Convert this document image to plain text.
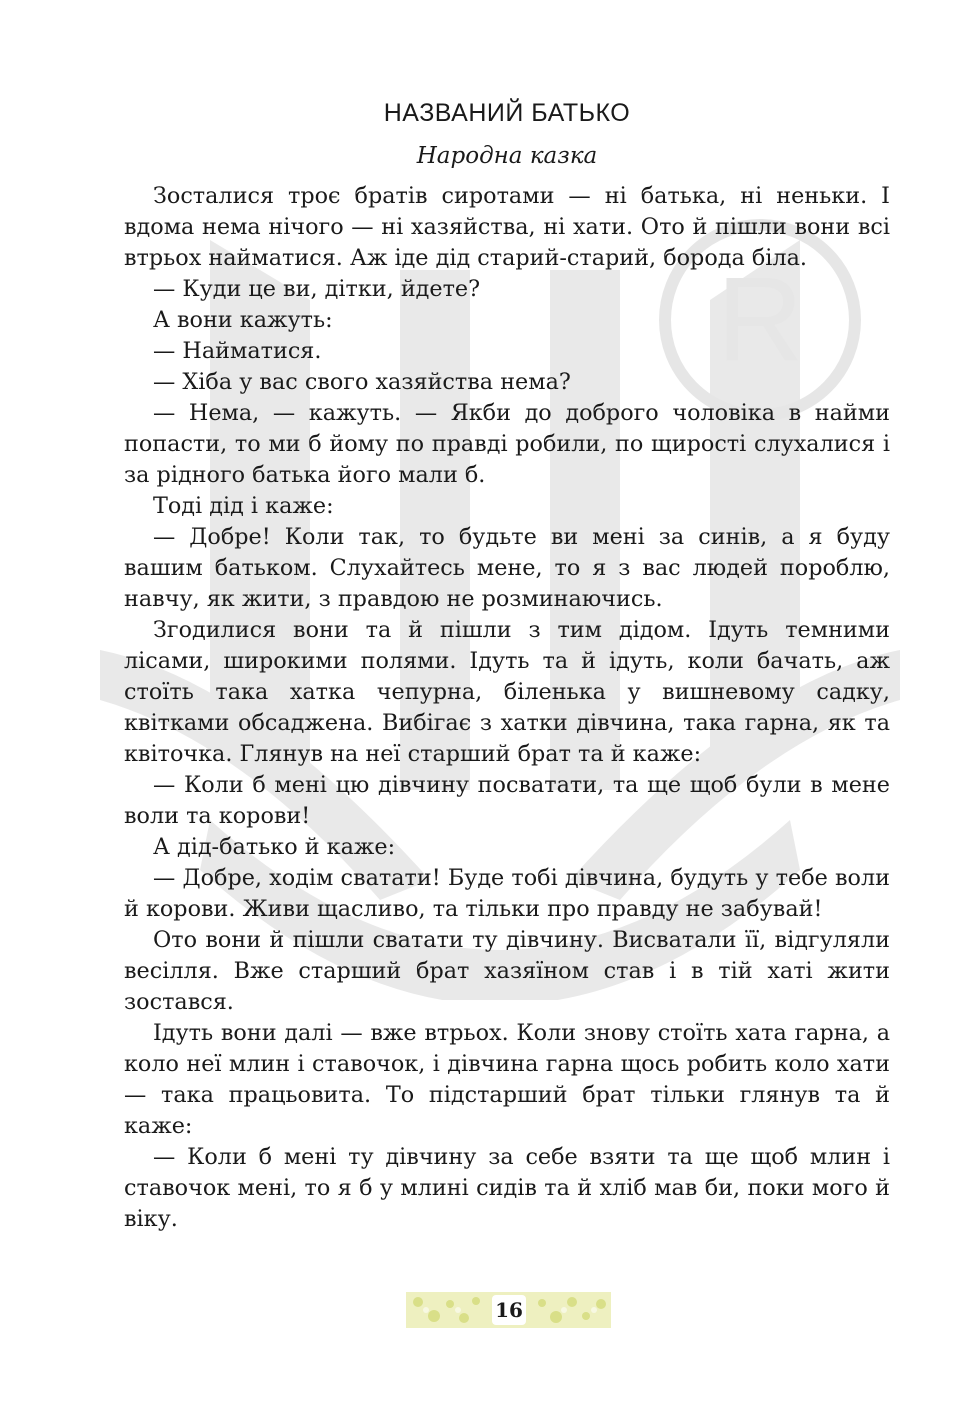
R
НАЗВАНИЙ БАТЬКО
Народна казка

Зосталися троє братів сиротами — ні батька, ні неньки. І вдома нема нічого — ні хазяйства, ні хати. Ото й пішли вони всі втрьох найматися. Аж іде дід старий-старий, борода біла.

— Куди це ви, дітки, йдете?

А вони кажуть:

— Найматися.

— Хіба у вас свого хазяйства нема?

— Нема, — кажуть. — Якби до доброго чоловіка в найми попасти, то ми б йому по правді робили, по щирості слухалися і за рідного батька його мали б.

Тоді дід і каже:

— Добре! Коли так, то будьте ви мені за синів, а я буду вашим батьком. Слухайтесь мене, то я з вас людей пороблю, навчу, як жити, з правдою не розминаючись.

Згодилися вони та й пішли з тим дідом. Ідуть темними лісами, широкими полями. Ідуть та й ідуть, коли бачать, аж стоїть така хатка чепурна, біленька у вишневому садку, квітками обсаджена. Вибігає з хатки дівчина, така гарна, як та квіточка. Глянув на неї старший брат та й каже:

— Коли б мені цю дівчину посватати, та ще щоб були в мене воли та корови!

А дід-батько й каже:

— Добре, ходім сватати! Буде тобі дівчина, будуть у тебе воли й корови. Живи щасливо, та тільки про правду не забувай!

Ото вони й пішли сватати ту дівчину. Висватали її, відгуляли весілля. Вже старший брат хазяїном став і в тій хаті жити зостався.

Ідуть вони далі — вже втрьох. Коли знову стоїть хата гарна, а коло неї млин і ставочок, і дівчина гарна щось робить коло хати — така працьовита. То підстарший брат тільки глянув та й каже:

— Коли б мені ту дівчину за себе взяти та ще щоб млин і ставочок мені, то я б у млині сидів та й хліб мав би, поки мого й віку.

16
